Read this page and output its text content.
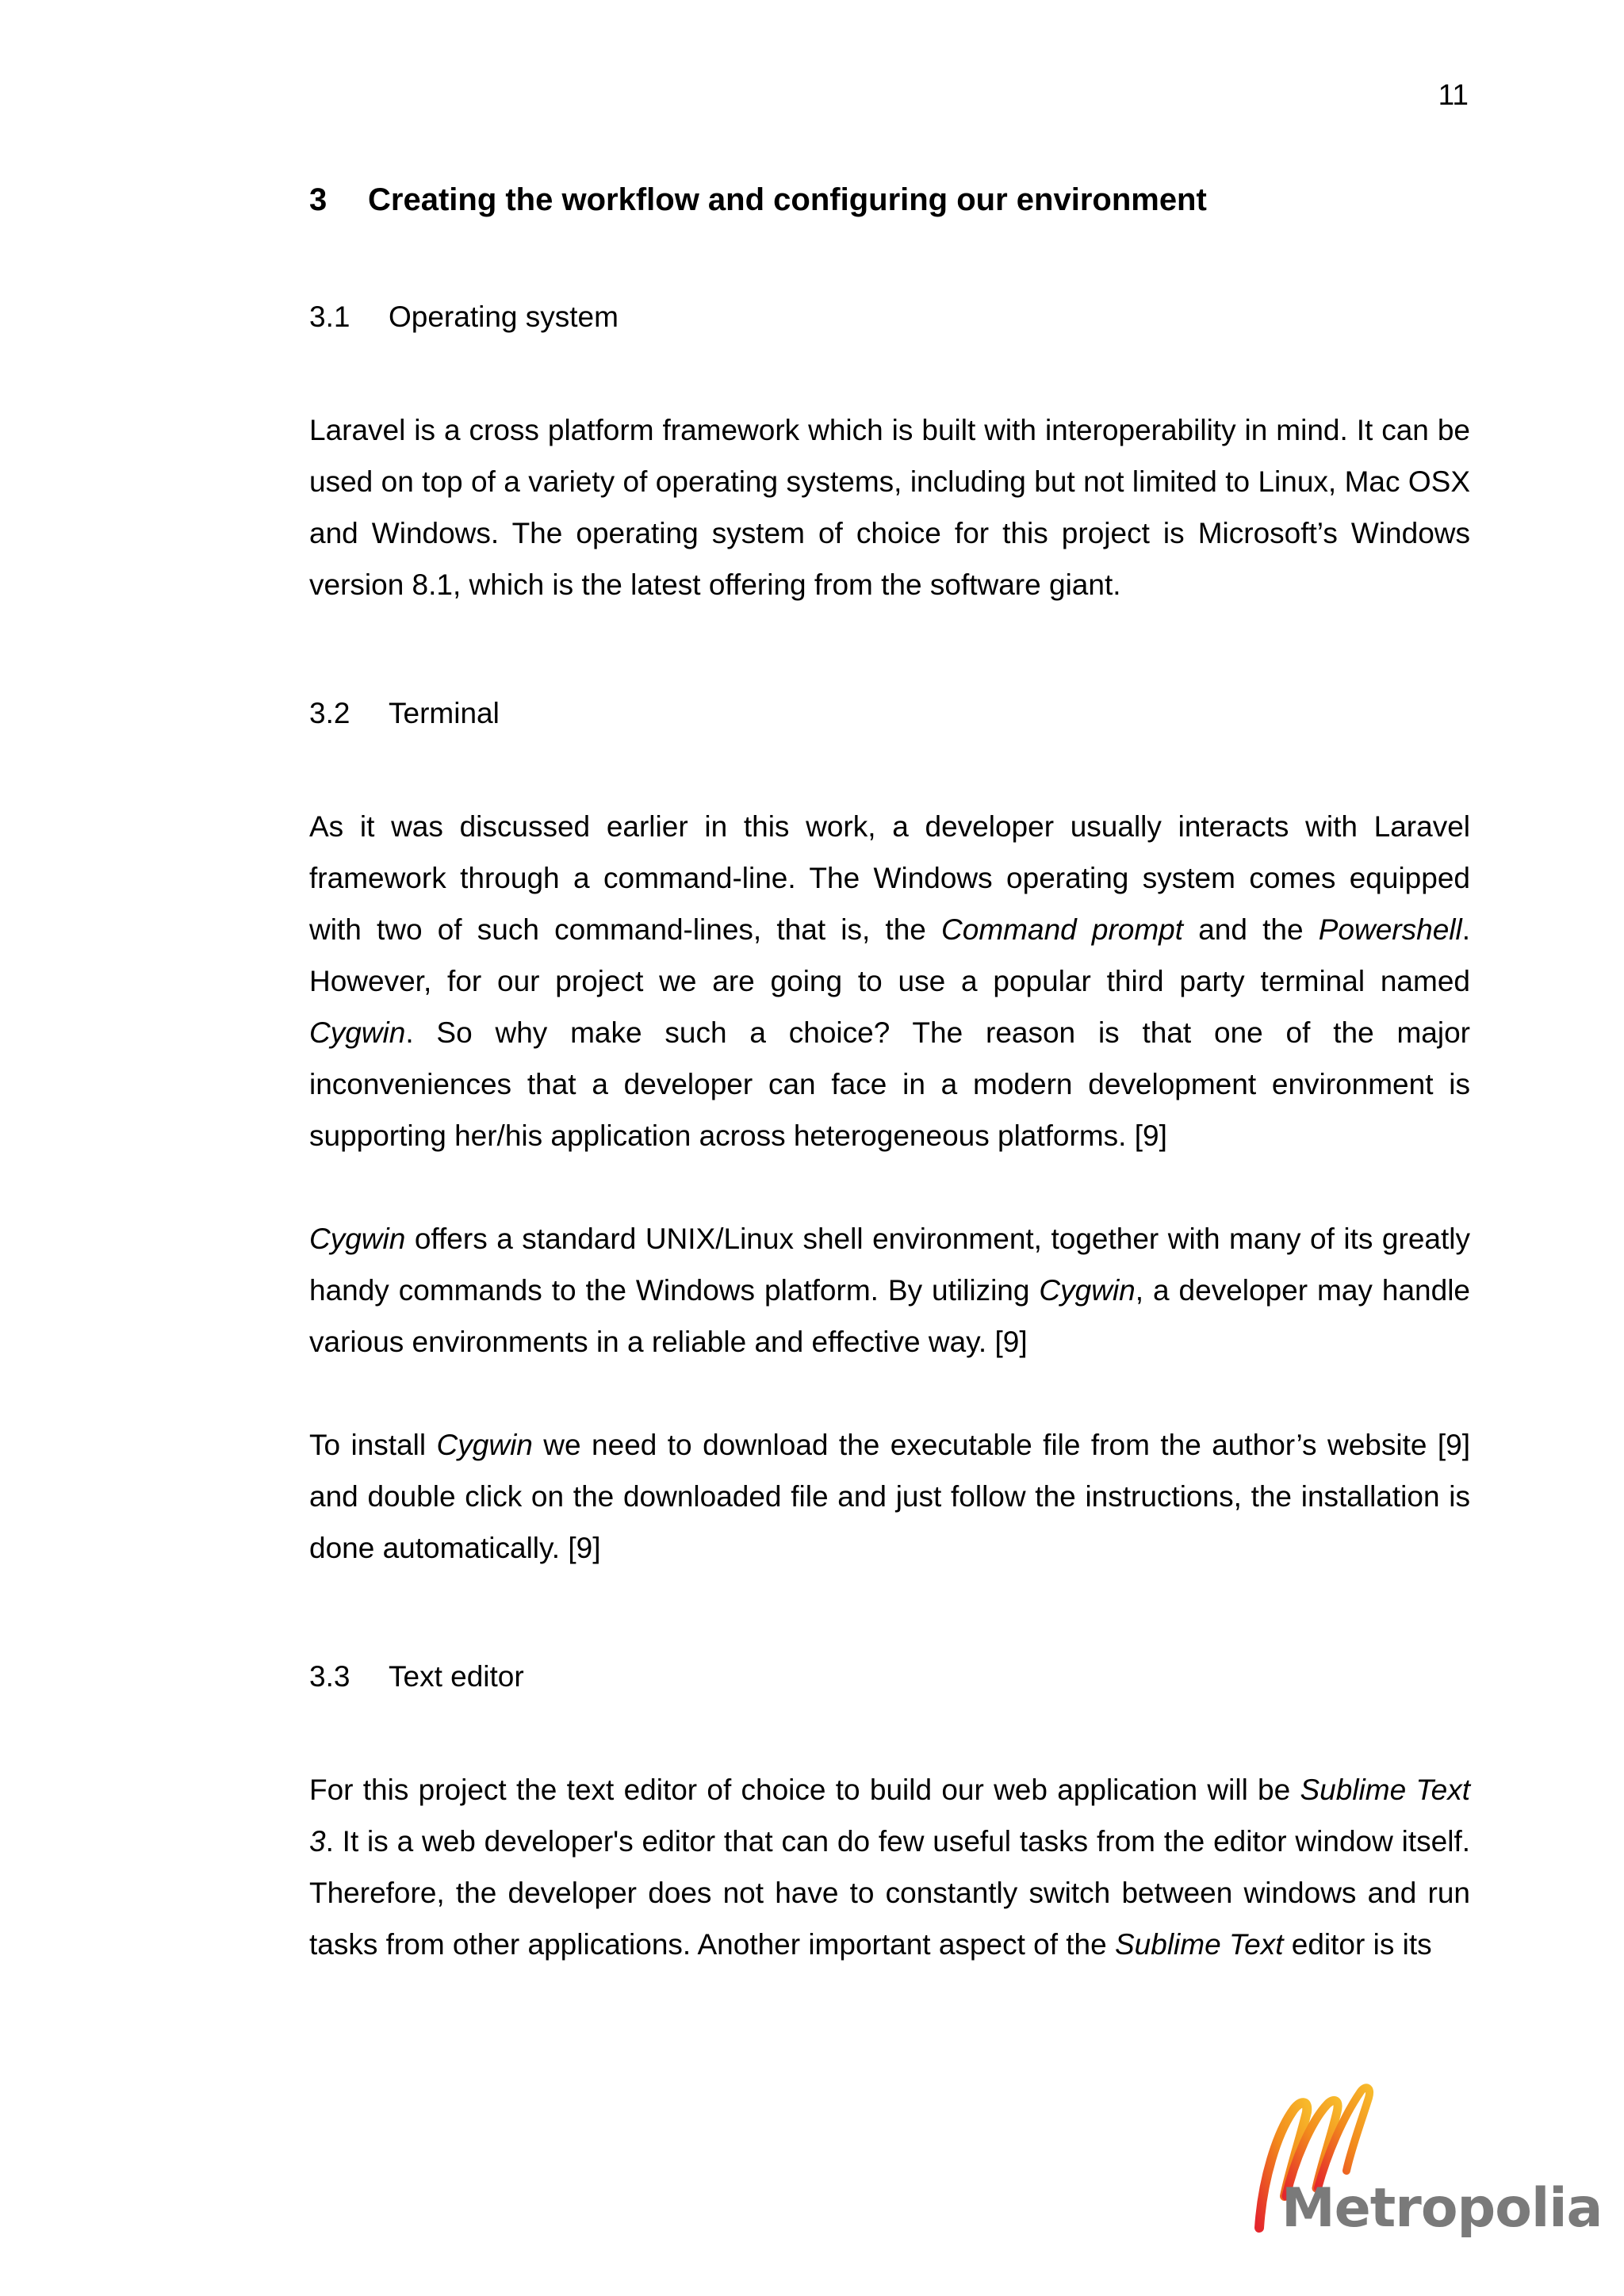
11
3	Creating the workflow and configuring our environment
3.1	Operating system

Laravel is a cross platform framework which is built with interoperability in mind. It can be used on top of a variety of operating systems, including but not limited to Linux, Mac OSX and Windows. The operating system of choice for this project is Microsoft’s Windows version 8.1, which is the latest offering from the software giant.

3.2	Terminal

As it was discussed earlier in this work, a developer usually interacts with Laravel framework through a command-line. The Windows operating system comes equipped with two of such command-lines, that is, the Command prompt and the Powershell. However, for our project we are going to use a popular third party terminal named Cygwin. So why make such a choice? The reason is that one of the major inconveniences that a developer can face in a modern development environment is supporting her/his application across heterogeneous platforms. [9]

Cygwin offers a standard UNIX/Linux shell environment, together with many of its greatly handy commands to the Windows platform. By utilizing Cygwin, a developer may handle various environments in a reliable and effective way. [9]

To install Cygwin we need to download the executable file from the author’s website [9] and double click on the downloaded file and just follow the instructions, the installation is done automatically. [9]

3.3	Text editor

For this project the text editor of choice to build our web application will be Sublime Text 3. It is a web developer's editor that can do few useful tasks from the editor window itself. Therefore, the developer does not have to constantly switch between windows and run tasks from other applications. Another important aspect of the Sublime Text editor is its

Metropolia
